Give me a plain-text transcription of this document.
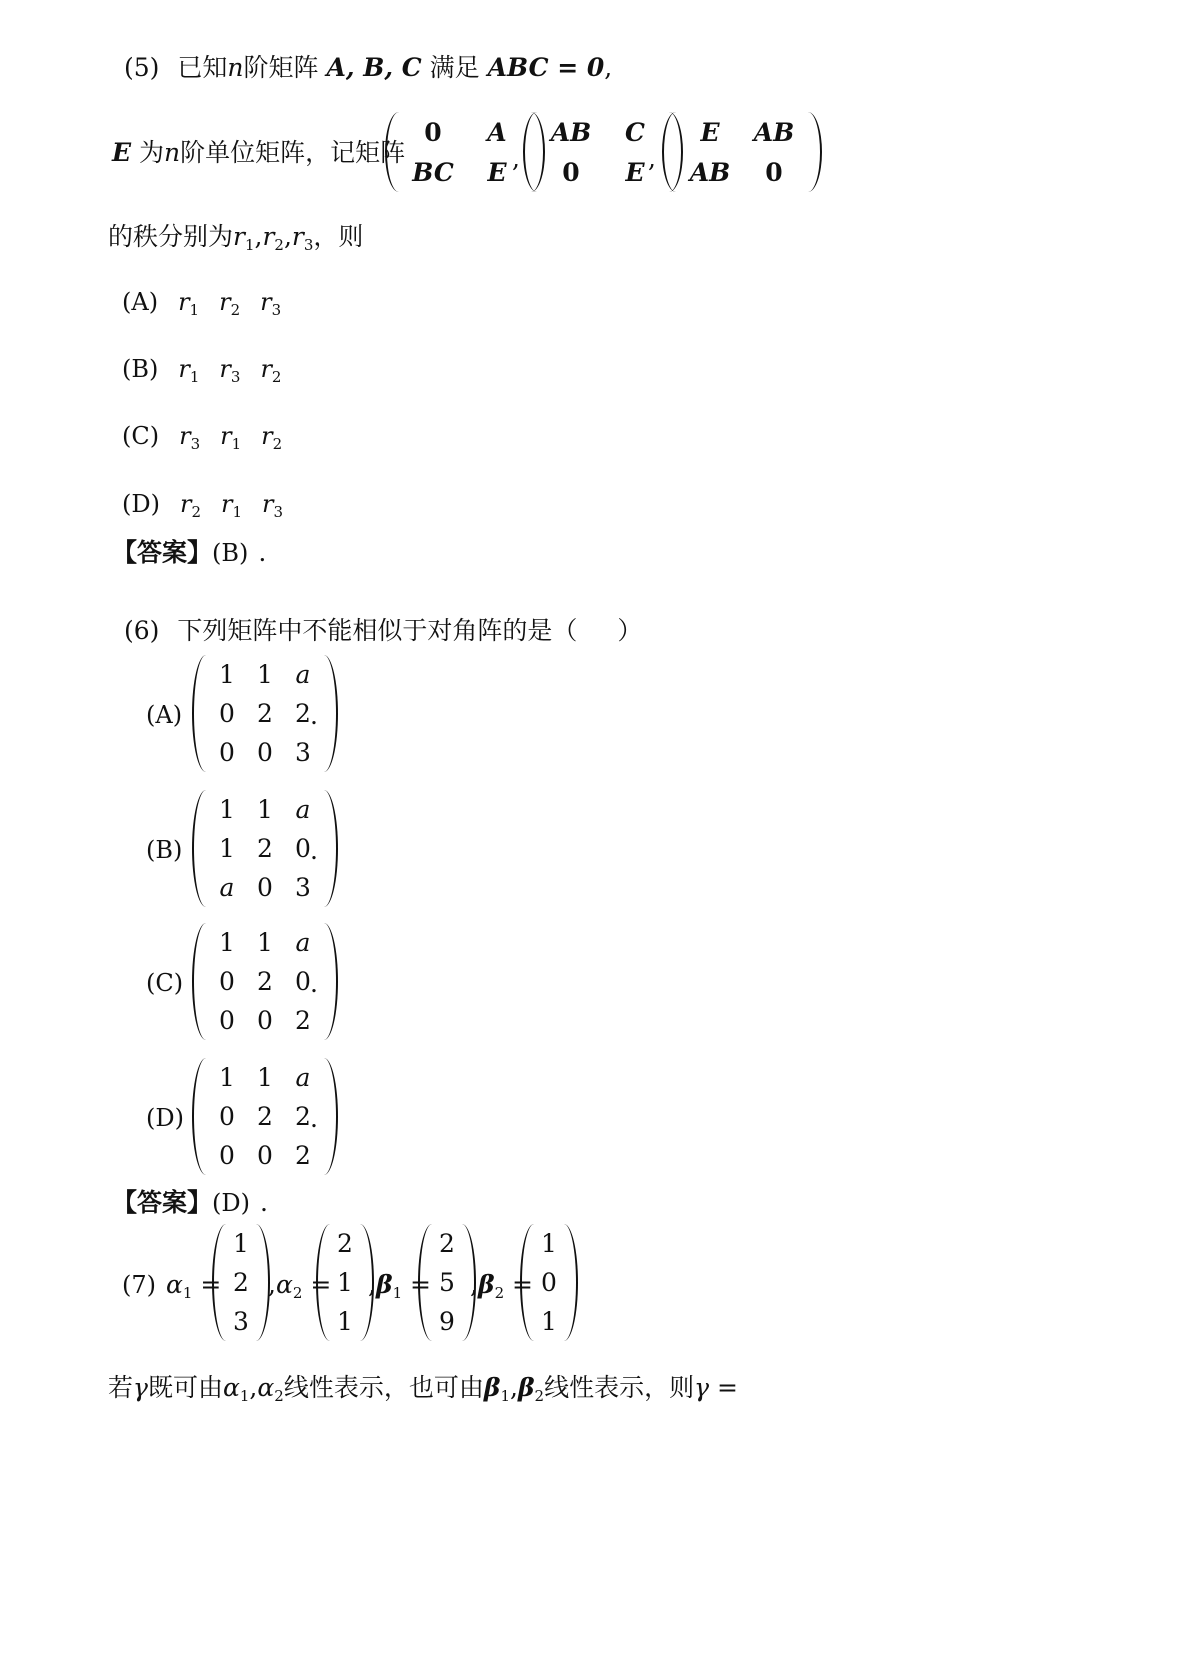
(5) 已知n阶矩阵 A, B, C 满足 ABC = 0,
E 为n阶单位矩阵，记矩阵
0 A
BC E ,
AB C
0 E ,
E AB
AB 0
的秩分别为$r_1,r_2,r_3$，则
(A) $r_1$ $r_2$ $r_3$
(B) $r_1$ $r_3$ $r_2$
(C) $r_3$ $r_1$ $r_2$
(D) $r_2$ $r_1$ $r_3$
【答案】(B) .
(6) 下列矩阵中不能相似于对角阵的是（ ）
(A)
1 1 a
0 2 2
0 0 3
.
(B)
1 1 a
1 2 0
a 0 3
.
(C)
1 1 a
0 2 0
0 0 2
.
(D)
1 1 a
0 2 2
0 0 2
.
【答案】(D) .
(7) $\alpha_1$ =
1
2
3
$,\alpha_2$ =
2
1
1
$,\beta_1$ =
2
5
9
$,\beta_2$ =
1
0
1
若γ既可由$\alpha_1,\alpha_2$线性表示，也可由$\beta_1,\beta_2$线性表示，则γ =
